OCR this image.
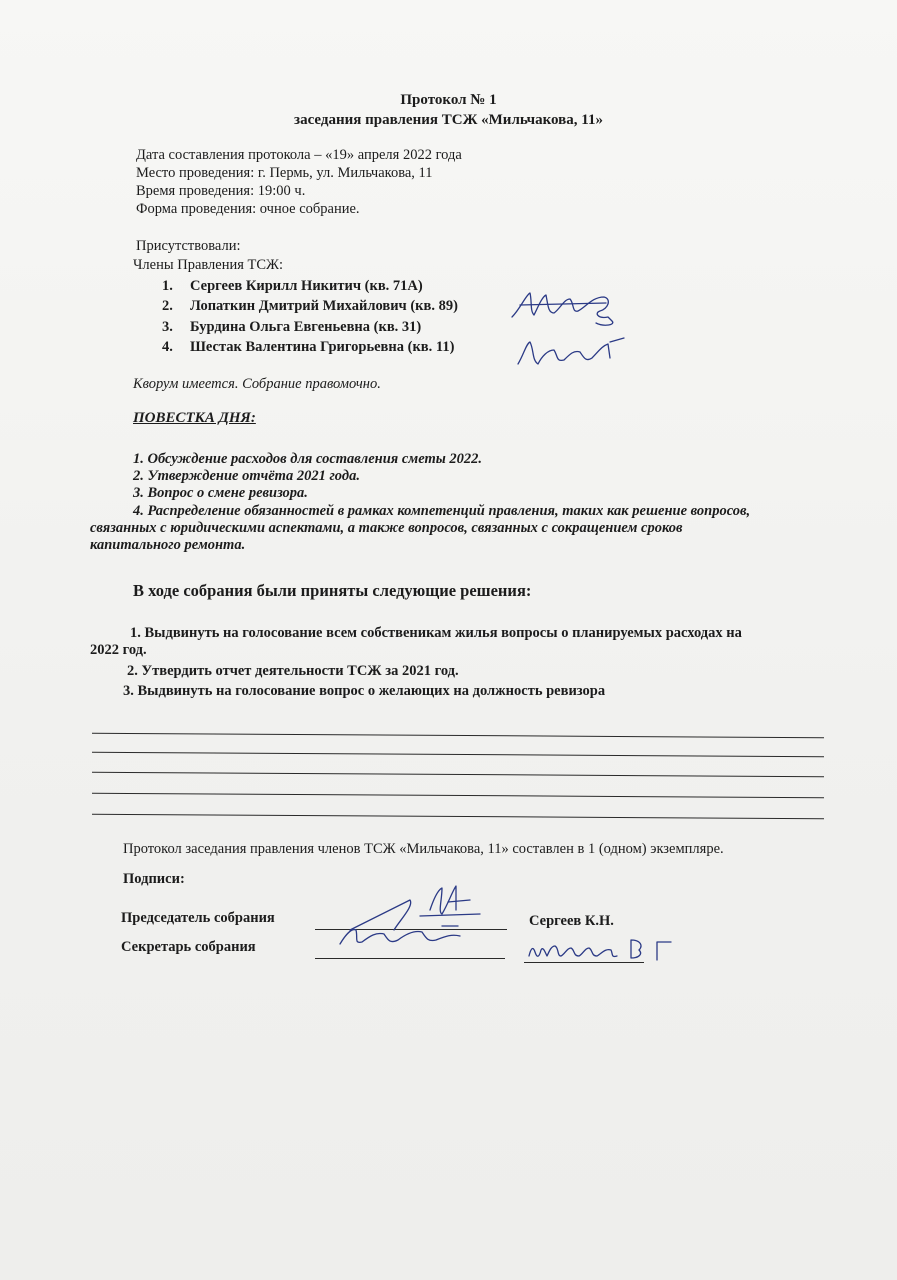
Протокол № 1
заседания правления ТСЖ «Мильчакова, 11»
Дата составления протокола – «19» апреля 2022 года
Место проведения: г. Пермь, ул. Мильчакова, 11
Время проведения: 19:00 ч.
Форма проведения: очное собрание.
Присутствовали:
Члены Правления ТСЖ:
1. Сергеев Кирилл Никитич (кв. 71А)
2. Лопаткин Дмитрий Михайлович (кв. 89)
3. Бурдина Ольга Евгеньевна (кв. 31)
4. Шестак Валентина Григорьевна (кв. 11)
Кворум имеется. Собрание правомочно.
ПОВЕСТКА ДНЯ:
1. Обсуждение расходов для составления сметы 2022.
2. Утверждение отчёта 2021 года.
3. Вопрос о смене ревизора.
4. Распределение обязанностей в рамках компетенций правления, таких как решение вопросов,
связанных с юридическими аспектами, а также вопросов, связанных с сокращением сроков
капитального ремонта.
В ходе собрания были приняты следующие решения:
1. Выдвинуть на голосование всем собственикам жилья вопросы о планируемых расходах на
2022 год.
2. Утвердить отчет деятельности ТСЖ за 2021 год.
3. Выдвинуть на голосование вопрос о желающих на должность ревизора
Протокол заседания правления членов ТСЖ «Мильчакова, 11» составлен в 1 (одном) экземпляре.
Подписи:
Председатель собрания	Сергеев К.Н.
Секретарь собрания
